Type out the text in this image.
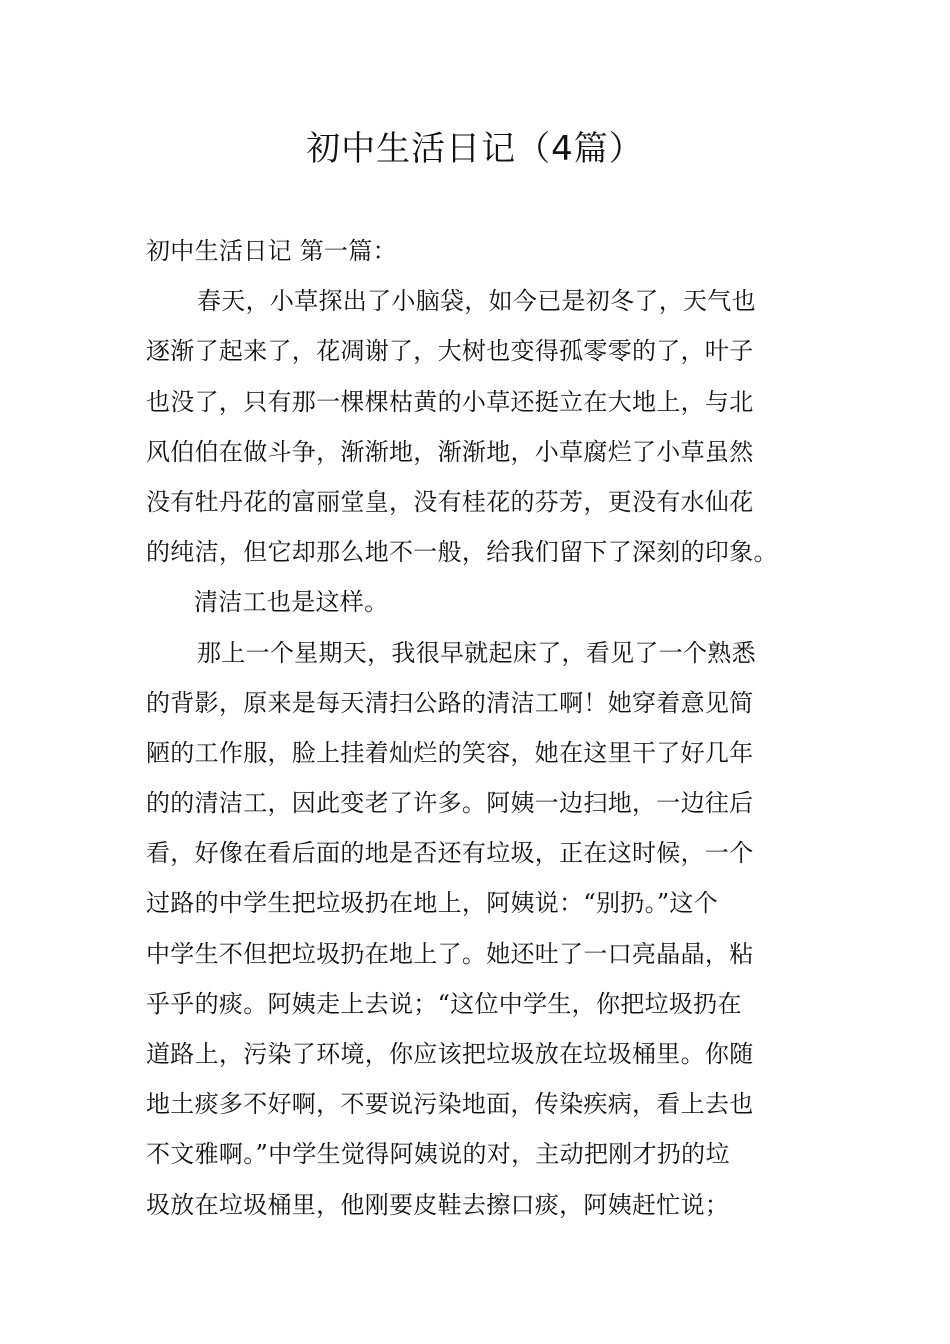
初中生活日记（4篇）
初中生活日记 第一篇：
春天，小草探出了小脑袋，如今已是初冬了，天气也
逐渐了起来了，花凋谢了，大树也变得孤零零的了，叶子
也没了，只有那一棵棵枯黄的小草还挺立在大地上，与北
风伯伯在做斗争，渐渐地，渐渐地，小草腐烂了小草虽然
没有牡丹花的富丽堂皇，没有桂花的芬芳，更没有水仙花
的纯洁，但它却那么地不一般，给我们留下了深刻的印象。
清洁工也是这样。
那上一个星期天，我很早就起床了，看见了一个熟悉
的背影，原来是每天清扫公路的清洁工啊！她穿着意见简
陋的工作服，脸上挂着灿烂的笑容，她在这里干了好几年
的的清洁工，因此变老了许多。阿姨一边扫地，一边往后
看，好像在看后面的地是否还有垃圾，正在这时候，一个
过路的中学生把垃圾扔在地上，阿姨说：“别扔。”这个
中学生不但把垃圾扔在地上了。她还吐了一口亮晶晶，粘
乎乎的痰。阿姨走上去说；“这位中学生，你把垃圾扔在
道路上，污染了环境，你应该把垃圾放在垃圾桶里。你随
地土痰多不好啊，不要说污染地面，传染疾病，看上去也
不文雅啊。”中学生觉得阿姨说的对，主动把刚才扔的垃
圾放在垃圾桶里，他刚要皮鞋去擦口痰，阿姨赶忙说；
